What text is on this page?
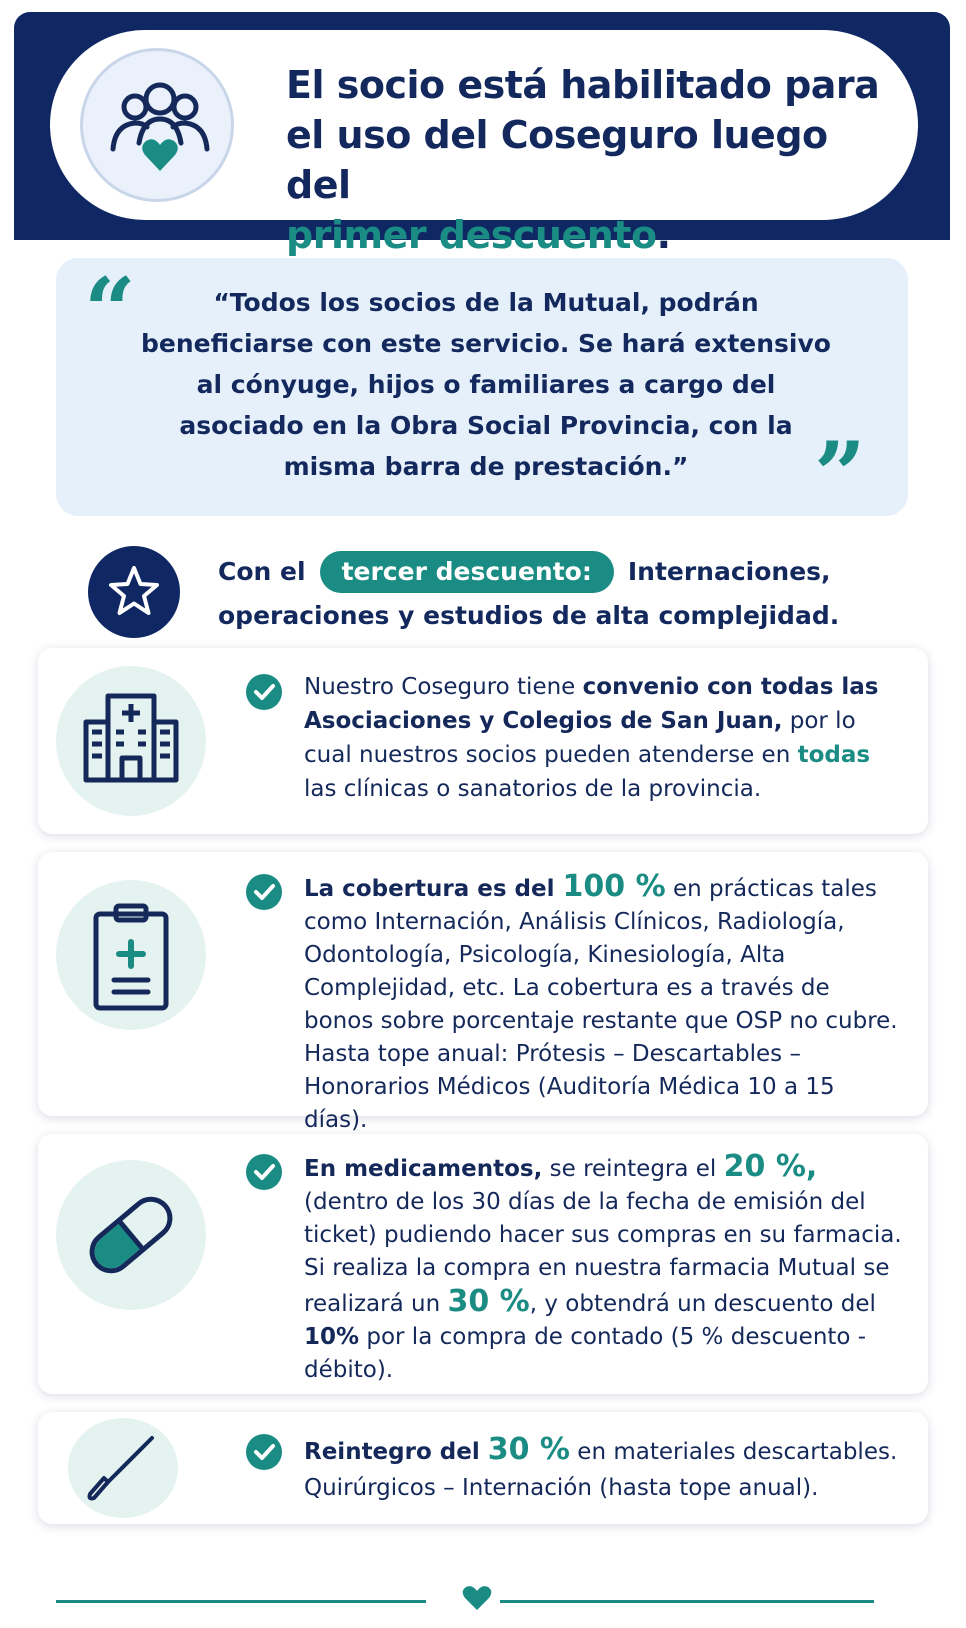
El socio está habilitado para
el uso del Coseguro luego del
primer descuento.
“	“Todos los socios de la Mutual, podrán beneficiarse con este servicio. Se hará extensivo al cónyuge, hijos o familiares a cargo del asociado en la Obra Social Provincia, con la misma barra de prestación.”	”
Con el tercer descuento: Internaciones, operaciones y estudios de alta complejidad.
Nuestro Coseguro tiene convenio con todas las Asociaciones y Colegios de San Juan, por lo cual nuestros socios pueden atenderse en todas las clínicas o sanatorios de la provincia.
La cobertura es del 100 % en prácticas tales como Internación, Análisis Clínicos, Radiología, Odontología, Psicología, Kinesiología, Alta Complejidad, etc. La cobertura es a través de bonos sobre porcentaje restante que OSP no cubre. Hasta tope anual: Prótesis – Descartables – Honorarios Médicos (Auditoría Médica 10 a 15 días).
En medicamentos, se reintegra el 20 %, (dentro de los 30 días de la fecha de emisión del ticket) pudiendo hacer sus compras en su farmacia. Si realiza la compra en nuestra farmacia Mutual se realizará un 30 %, y obtendrá un descuento del 10% por la compra de contado (5 % descuento - débito).
Reintegro del 30 % en materiales descartables. Quirúrgicos – Internación (hasta tope anual).
